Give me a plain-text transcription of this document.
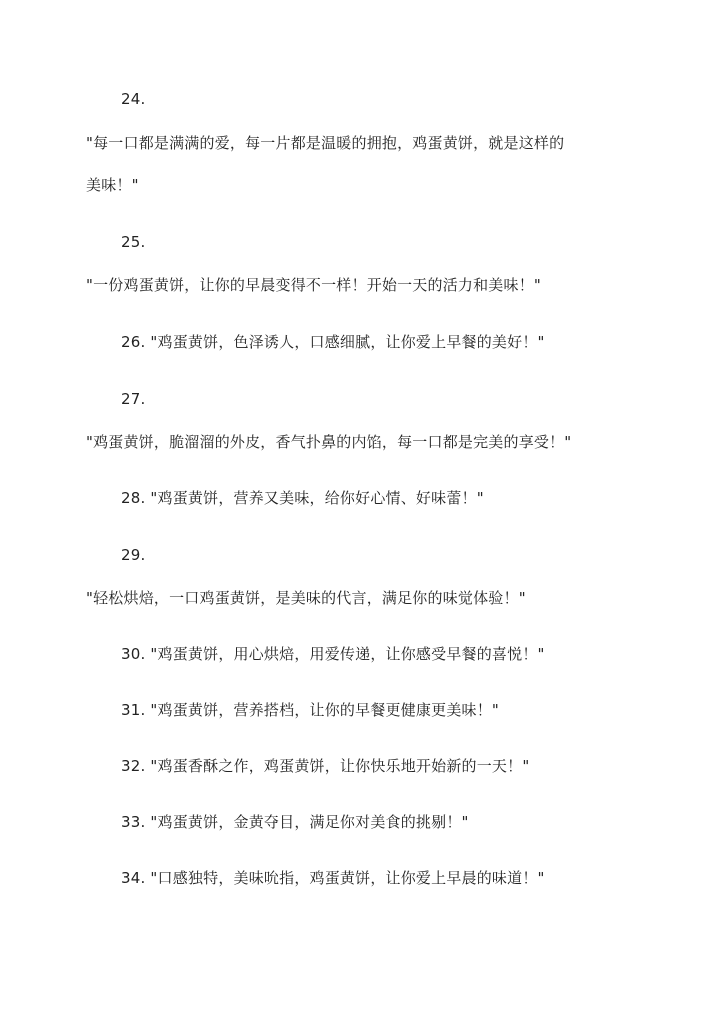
24.
"每一口都是满满的爱，每一片都是温暖的拥抱，鸡蛋黄饼，就是这样的
美味！"
25.
"一份鸡蛋黄饼，让你的早晨变得不一样！开始一天的活力和美味！"
26. "鸡蛋黄饼，色泽诱人，口感细腻，让你爱上早餐的美好！"
27.
"鸡蛋黄饼，脆溜溜的外皮，香气扑鼻的内馅，每一口都是完美的享受！"
28. "鸡蛋黄饼，营养又美味，给你好心情、好味蕾！"
29.
"轻松烘焙，一口鸡蛋黄饼，是美味的代言，满足你的味觉体验！"
30. "鸡蛋黄饼，用心烘焙，用爱传递，让你感受早餐的喜悦！"
31. "鸡蛋黄饼，营养搭档，让你的早餐更健康更美味！"
32. "鸡蛋香酥之作，鸡蛋黄饼，让你快乐地开始新的一天！"
33. "鸡蛋黄饼，金黄夺目，满足你对美食的挑剔！"
34. "口感独特，美味吮指，鸡蛋黄饼，让你爱上早晨的味道！"
